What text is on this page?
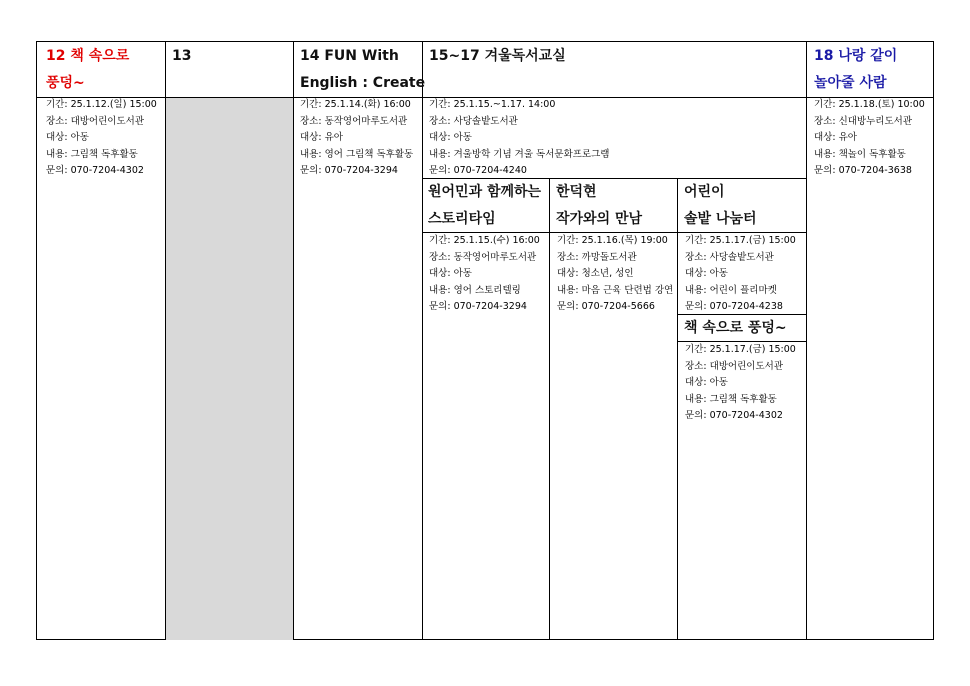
12 책 속으로
풍덩~
기간: 25.1.12.(일) 15:00
장소: 대방어린이도서관
대상: 아동
내용: 그림책 독후활동
문의: 070-7204-4302
13	14 FUN With
English : Create
기간: 25.1.14.(화) 16:00
장소: 동작영어마루도서관
대상: 유아
내용: 영어 그림책 독후활동
문의: 070-7204-3294
15~17 겨울독서교실
기간: 25.1.15.~1.17. 14:00
장소: 사당솔밭도서관
대상: 아동
내용: 겨울방학 기념 겨울 독서문화프로그램
문의: 070-7204-4240
18 나랑 같이
놀아줄 사람
기간: 25.1.18.(토) 10:00
장소: 신대방누리도서관
대상: 유아
내용: 책놀이 독후활동
문의: 070-7204-3638
원어민과 함께하는
스토리타임
기간: 25.1.15.(수) 16:00
장소: 동작영어마루도서관
대상: 아동
내용: 영어 스토리텔링
문의: 070-7204-3294
한덕현
작가와의 만남
기간: 25.1.16.(목) 19:00
장소: 까망돌도서관
대상: 청소년, 성인
내용: 마음 근육 단련법 강연
문의: 070-7204-5666
어린이
솔밭 나눔터
기간: 25.1.17.(금) 15:00
장소: 사당솔밭도서관
대상: 아동
내용: 어린이 플리마켓
문의: 070-7204-4238
책 속으로 풍덩~
기간: 25.1.17.(금) 15:00
장소: 대방어린이도서관
대상: 아동
내용: 그림책 독후활동
문의: 070-7204-4302
